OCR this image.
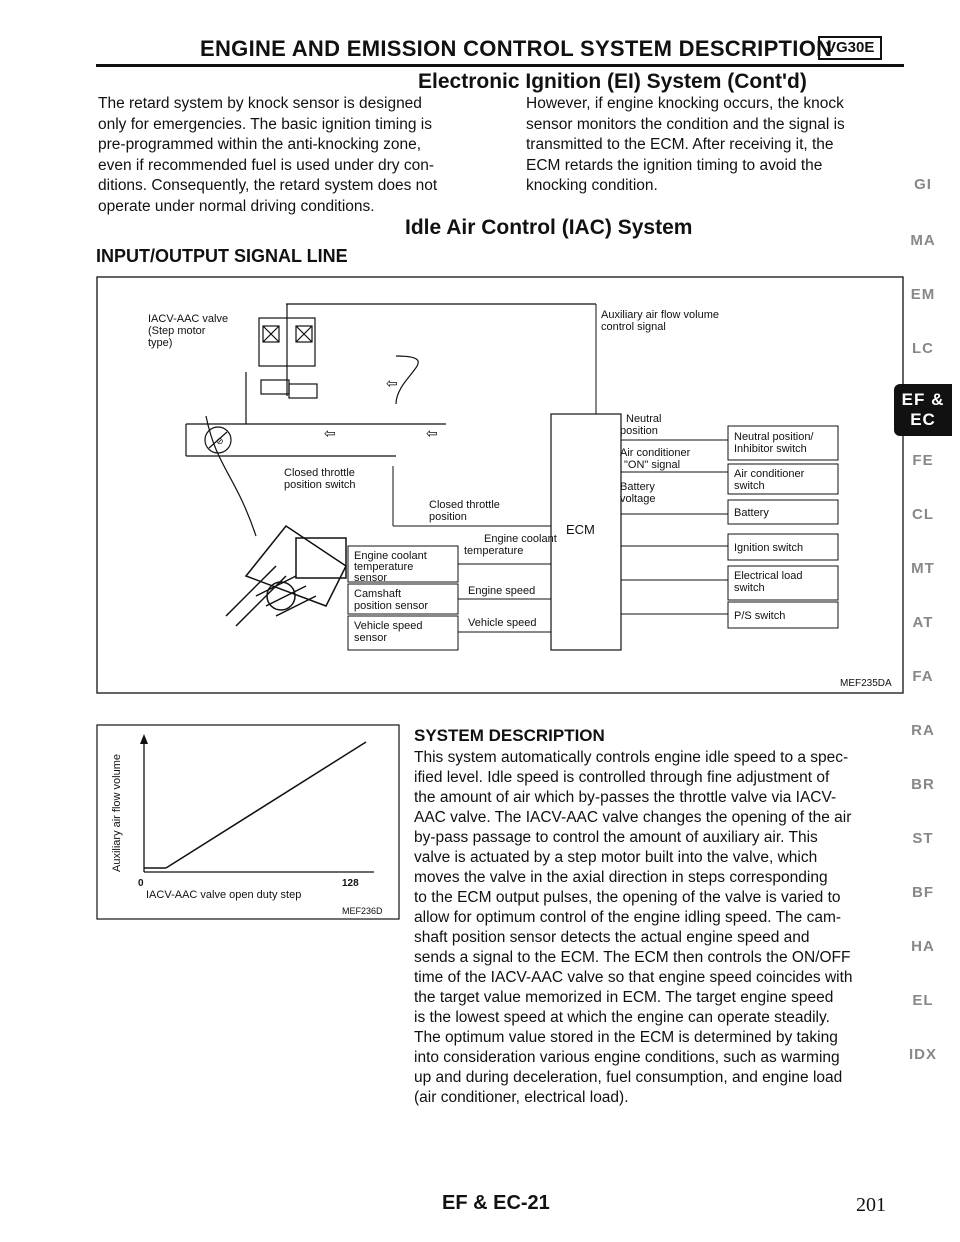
ENGINE AND EMISSION CONTROL SYSTEM DESCRIPTION
VG30E
Electronic Ignition (EI) System (Cont'd)
The retard system by knock sensor is designed
only for emergencies. The basic ignition timing is
pre-programmed within the anti-knocking zone,
even if recommended fuel is used under dry con-
ditions. Consequently, the retard system does not
operate under normal driving conditions.
However, if engine knocking occurs, the knock
sensor monitors the condition and the signal is
transmitted to the ECM. After receiving it, the
ECM retards the ignition timing to avoid the
knocking condition.
Idle Air Control (IAC) System
INPUT/OUTPUT SIGNAL LINE
IACV-AAC valve (Step motor type)
⊘
⇦
⇦	⇦
Closed throttle position switch
Closed throttle position
Auxiliary air flow volume control signal
ECM
Engine coolant temperature
Engine coolant temperature sensor
Camshaft position sensor
Engine speed
Vehicle speed sensor
Vehicle speed
Neutral position
Air conditioner "ON" signal
Battery voltage
Neutral position/ Inhibitor switch
Air conditioner switch
Battery
Ignition switch
Electrical load switch
P/S switch
MEF235DA
0	128
IACV-AAC valve open duty step
Auxiliary air flow volume
MEF236D
SYSTEM DESCRIPTION
This system automatically controls engine idle speed to a spec-
ified level. Idle speed is controlled through fine adjustment of
the amount of air which by-passes the throttle valve via IACV-
AAC valve. The IACV-AAC valve changes the opening of the air
by-pass passage to control the amount of auxiliary air. This
valve is actuated by a step motor built into the valve, which
moves the valve in the axial direction in steps corresponding
to the ECM output pulses, the opening of the valve is varied to
allow for optimum control of the engine idling speed. The cam-
shaft position sensor detects the actual engine speed and
sends a signal to the ECM. The ECM then controls the ON/OFF
time of the IACV-AAC valve so that engine speed coincides with
the target value memorized in ECM. The target engine speed
is the lowest speed at which the engine can operate steadily.
The optimum value stored in the ECM is determined by taking
into consideration various engine conditions, such as warming
up and during deceleration, fuel consumption, and engine load
(air conditioner, electrical load).
GI
MA
EM
LC
EF &
EC
FE
CL
MT
AT
FA
RA
BR
ST
BF
HA
EL
IDX
EF & EC-21	201
